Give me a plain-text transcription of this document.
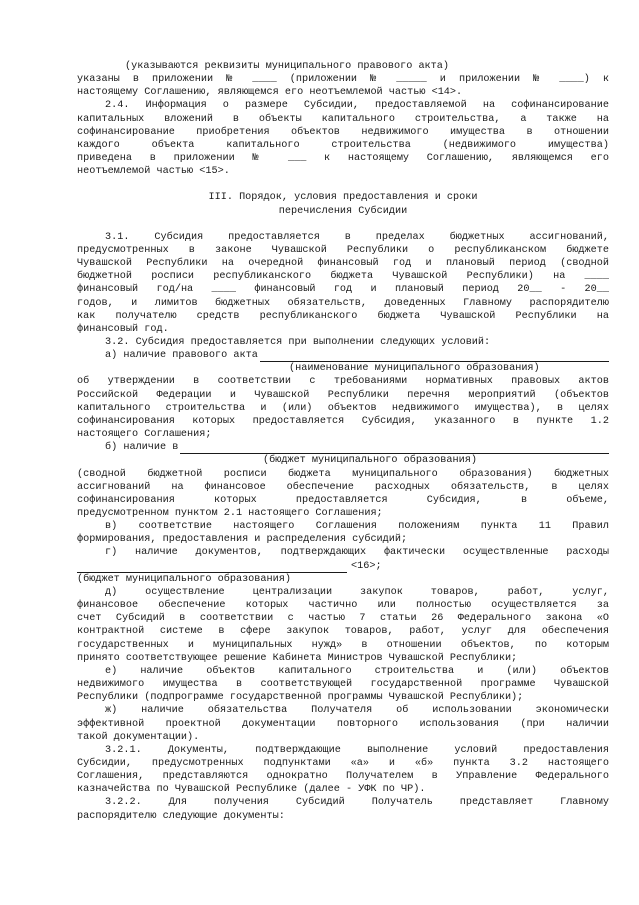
(указываются реквизиты муниципального правового акта)
указаны в приложении № ____ (приложении № _____ и приложении № ____) к
настоящему Соглашению, являющемся его неотъемлемой частью <14>.
2.4. Информация о размере Субсидии, предоставляемой на софинансирование
капитальных вложений в объекты капитального строительства, а также на
софинансирование приобретения объектов недвижимого имущества в отношении
каждого объекта капитального строительства (недвижимого имущества)
приведена в приложении № ___ к настоящему Соглашению, являющемся его
неотъемлемой частью <15>.
III. Порядок, условия предоставления и сроки
перечисления Субсидии
3.1. Субсидия предоставляется в пределах бюджетных ассигнований,
предусмотренных в законе Чувашской Республики о республиканском бюджете
Чувашской Республики на очередной финансовый год и плановый период (сводной
бюджетной росписи республиканского бюджета Чувашской Республики) на ____
финансовый год/на ____ финансовый год и плановый период 20__ - 20__
годов, и лимитов бюджетных обязательств, доведенных Главному распорядителю
как получателю средств республиканского бюджета Чувашской Республики на
финансовый год.
3.2. Субсидия предоставляется при выполнении следующих условий:
а) наличие правового акта
(наименование муниципального образования)
об утверждении в соответствии с требованиями нормативных правовых актов
Российской Федерации и Чувашской Республики перечня мероприятий (объектов
капитального строительства и (или) объектов недвижимого имущества), в целях
софинансирования которых предоставляется Субсидия, указанного в пункте 1.2
настоящего Соглашения;
б) наличие в
(бюджет муниципального образования)
(сводной бюджетной росписи бюджета муниципального образования) бюджетных
ассигнований на финансовое обеспечение расходных обязательств, в целях
софинансирования которых предоставляется Субсидия, в объеме,
предусмотренном пунктом 2.1 настоящего Соглашения;
в) соответствие настоящего Соглашения положениям пункта 11 Правил
формирования, предоставления и распределения субсидий;
г) наличие документов, подтверждающих фактически осуществленные расходы
<16>;
(бюджет муниципального образования)
д) осуществление централизации закупок товаров, работ, услуг,
финансовое обеспечение которых частично или полностью осуществляется за
счет Субсидий в соответствии с частью 7 статьи 26 Федерального закона «О
контрактной системе в сфере закупок товаров, работ, услуг для обеспечения
государственных и муниципальных нужд» в отношении объектов, по которым
принято соответствующее решение Кабинета Министров Чувашской Республики;
е) наличие объектов капитального строительства и (или) объектов
недвижимого имущества в соответствующей государственной программе Чувашской
Республики (подпрограмме государственной программы Чувашской Республики);
ж) наличие обязательства Получателя об использовании экономически
эффективной проектной документации повторного использования (при наличии
такой документации).
3.2.1. Документы, подтверждающие выполнение условий предоставления
Субсидии, предусмотренных подпунктами «а» и «б» пункта 3.2 настоящего
Соглашения, представляются однократно Получателем в Управление Федерального
казначейства по Чувашской Республике (далее - УФК по ЧР).
3.2.2. Для получения Субсидий Получатель представляет Главному
распорядителю следующие документы:
